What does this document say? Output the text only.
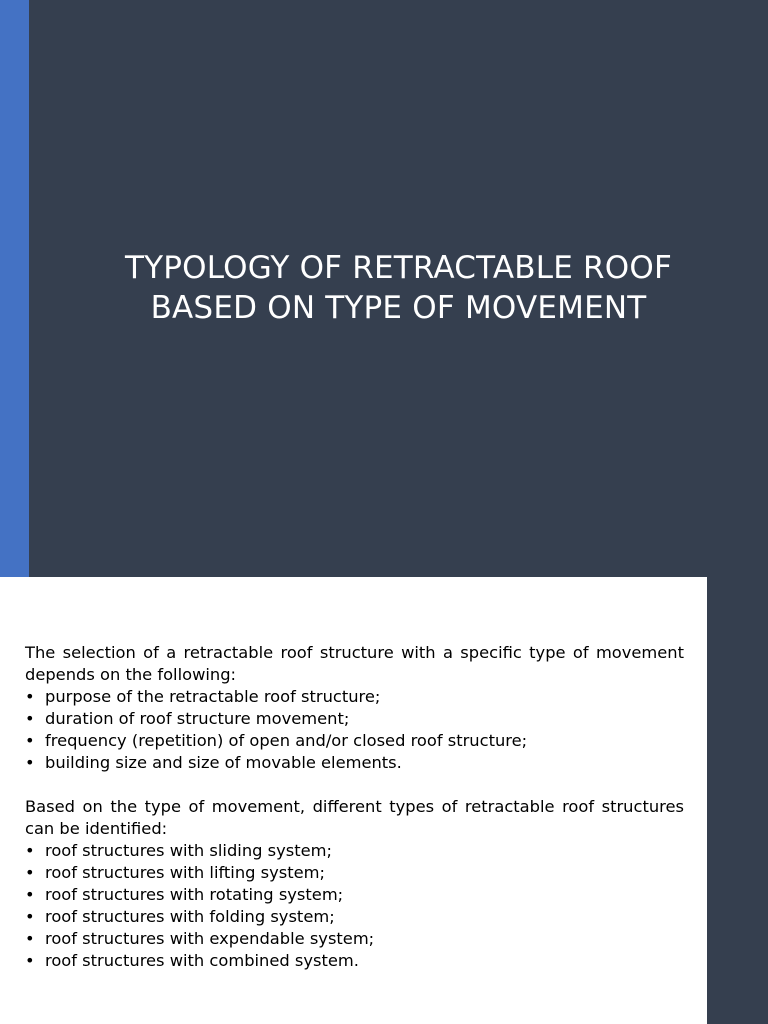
TYPOLOGY OF RETRACTABLE ROOF
BASED ON TYPE OF MOVEMENT

The selection of a retractable roof structure with a specific type of movement depends on the following:

• purpose of the retractable roof structure;
• duration of roof structure movement;
• frequency (repetition) of open and/or closed roof structure;
• building size and size of movable elements.

Based on the type of movement, different types of retractable roof structures can be identified:

• roof structures with sliding system;
• roof structures with lifting system;
• roof structures with rotating system;
• roof structures with folding system;
• roof structures with expendable system;
• roof structures with combined system.
